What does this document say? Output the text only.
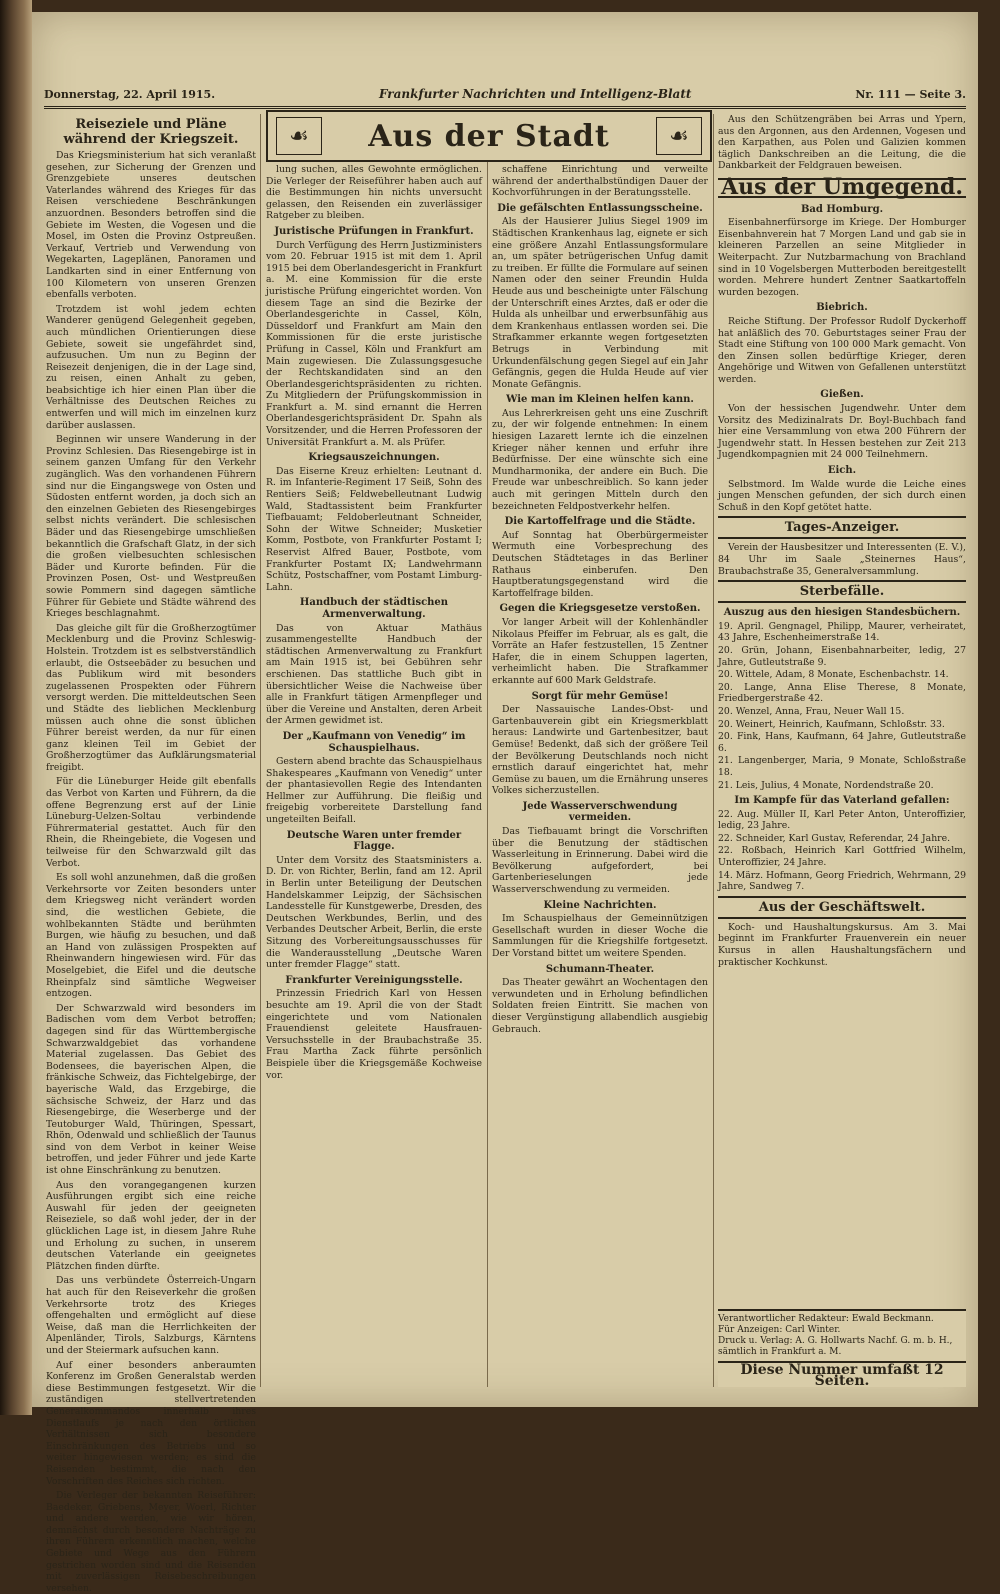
Donnerstag, 22. April 1915.	Frankfurter Nachrichten und Intelligenz-Blatt	Nr. 111 — Seite 3.
☙	Aus der Stadt	☙
Reiseziele und Pläne während der Kriegszeit.

Das Kriegsministerium hat sich veranlaßt gesehen, zur Sicherung der Grenzen und Grenzgebiete unseres deutschen Vaterlandes während des Krieges für das Reisen verschiedene Beschränkungen anzuordnen. Besonders betroffen sind die Gebiete im Westen, die Vogesen und die Mosel, im Osten die Provinz Ostpreußen. Verkauf, Vertrieb und Verwendung von Wegekarten, Lageplänen, Panoramen und Landkarten sind in einer Entfernung von 100 Kilometern von unseren Grenzen ebenfalls verboten.

Trotzdem ist wohl jedem echten Wanderer genügend Gelegenheit gegeben, auch mündlichen Orientierungen diese Gebiete, soweit sie ungefährdet sind, aufzusuchen. Um nun zu Beginn der Reisezeit denjenigen, die in der Lage sind, zu reisen, einen Anhalt zu geben, beabsichtige ich hier einen Plan über die Verhältnisse des Deutschen Reiches zu entwerfen und will mich im einzelnen kurz darüber auslassen.

Beginnen wir unsere Wanderung in der Provinz Schlesien. Das Riesengebirge ist in seinem ganzen Umfang für den Verkehr zugänglich. Was den vorhandenen Führern sind nur die Eingangswege von Osten und Südosten entfernt worden, ja doch sich an den einzelnen Gebieten des Riesengebirges selbst nichts verändert. Die schlesischen Bäder und das Riesengebirge umschließen bekanntlich die Grafschaft Glatz, in der sich die großen vielbesuchten schlesischen Bäder und Kurorte befinden. Für die Provinzen Posen, Ost- und Westpreußen sowie Pommern sind dagegen sämtliche Führer für Gebiete und Städte während des Krieges beschlagnahmt.

Das gleiche gilt für die Großherzogtümer Mecklenburg und die Provinz Schleswig-Holstein. Trotzdem ist es selbstverständlich erlaubt, die Ostseebäder zu besuchen und das Publikum wird mit besonders zugelassenen Prospekten oder Führern versorgt werden. Die mitteldeutschen Seen und Städte des lieblichen Mecklenburg müssen auch ohne die sonst üblichen Führer bereist werden, da nur für einen ganz kleinen Teil im Gebiet der Großherzogtümer das Aufklärungsmaterial freigibt.

Für die Lüneburger Heide gilt ebenfalls das Verbot von Karten und Führern, da die offene Begrenzung erst auf der Linie Lüneburg-Uelzen-Soltau verbindende Führermaterial gestattet. Auch für den Rhein, die Rheingebiete, die Vogesen und teilweise für den Schwarzwald gilt das Verbot.

Es soll wohl anzunehmen, daß die großen Verkehrsorte vor Zeiten besonders unter dem Kriegsweg nicht verändert worden sind, die westlichen Gebiete, die wohlbekannten Städte und berühmten Burgen, wie häufig zu besuchen, und daß an Hand von zulässigen Prospekten auf Rheinwandern hingewiesen wird. Für das Moselgebiet, die Eifel und die deutsche Rheinpfalz sind sämtliche Wegweiser entzogen.

Der Schwarzwald wird besonders im Badischen vom dem Verbot betroffen; dagegen sind für das Württembergische Schwarzwaldgebiet das vorhandene Material zugelassen. Das Gebiet des Bodensees, die bayerischen Alpen, die fränkische Schweiz, das Fichtelgebirge, der bayerische Wald, das Erzgebirge, die sächsische Schweiz, der Harz und das Riesengebirge, die Weserberge und der Teutoburger Wald, Thüringen, Spessart, Rhön, Odenwald und schließlich der Taunus sind von dem Verbot in keiner Weise betroffen, und jeder Führer und jede Karte ist ohne Einschränkung zu benutzen.

Aus den vorangegangenen kurzen Ausführungen ergibt sich eine reiche Auswahl für jeden der geeigneten Reiseziele, so daß wohl jeder, der in der glücklichen Lage ist, in diesem Jahre Ruhe und Erholung zu suchen, in unserem deutschen Vaterlande ein geeignetes Plätzchen finden dürfte.

Das uns verbündete Österreich-Ungarn hat auch für den Reiseverkehr die großen Verkehrsorte trotz des Krieges offengehalten und ermöglicht auf diese Weise, daß man die Herrlichkeiten der Alpenländer, Tirols, Salzburgs, Kärntens und der Steiermark aufsuchen kann.

Auf einer besonders anberaumten Konferenz im Großen Generalstab werden diese Bestimmungen festgesetzt. Wir die zuständigen stellvertretenden Generalkommandos innerhalb ihres Dienstlaufs je nach den örtlichen Verhältnissen sich besondere Einschränkungen des Betriebs und so weiter hingewiesen werden; es sind die Reisenden bestimmt, die nach den Vorschriften des Reiches sich richten.

Die Verleger der bekannten Reiseführer: Baedeker, Griebens, Meyer, Woerl, Richter und andere werden, wie wir hören, demnächst durch besondere Nachträge zu ihren Führern erkenntlich machen, welche Gebiete und Wege aus den Führern gestrichen worden sind und die Reisenden mit zuverlässigen Reisebeschreibungen versehen.

lung suchen, alles Gewohnte ermöglichen. Die Verleger der Reiseführer haben auch auf die Bestimmungen hin nichts unversucht gelassen, den Reisenden ein zuverlässiger Ratgeber zu bleiben.

Juristische Prüfungen in Frankfurt.

Durch Verfügung des Herrn Justizministers vom 20. Februar 1915 ist mit dem 1. April 1915 bei dem Oberlandesgericht in Frankfurt a. M. eine Kommission für die erste juristische Prüfung eingerichtet worden. Von diesem Tage an sind die Bezirke der Oberlandesgerichte in Cassel, Köln, Düsseldorf und Frankfurt am Main den Kommissionen für die erste juristische Prüfung in Cassel, Köln und Frankfurt am Main zugewiesen. Die Zulassungsgesuche der Rechtskandidaten sind an den Oberlandesgerichtspräsidenten zu richten. Zu Mitgliedern der Prüfungskommission in Frankfurt a. M. sind ernannt die Herren Oberlandesgerichtspräsident Dr. Spahn als Vorsitzender, und die Herren Professoren der Universität Frankfurt a. M. als Prüfer.

Kriegsauszeichnungen.

Das Eiserne Kreuz erhielten: Leutnant d. R. im Infanterie-Regiment 17 Seiß, Sohn des Rentiers Seiß; Feldwebelleutnant Ludwig Wald, Stadtassistent beim Frankfurter Tiefbauamt; Feldoberleutnant Schneider, Sohn der Witwe Schneider; Musketier Komm, Postbote, von Frankfurter Postamt I; Reservist Alfred Bauer, Postbote, vom Frankfurter Postamt IX; Landwehrmann Schütz, Postschaffner, vom Postamt Limburg-Lahn.

Handbuch der städtischen Armenverwaltung.

Das von Aktuar Mathäus zusammengestellte Handbuch der städtischen Armenverwaltung zu Frankfurt am Main 1915 ist, bei Gebühren sehr erschienen. Das stattliche Buch gibt in übersichtlicher Weise die Nachweise über alle in Frankfurt tätigen Armenpfleger und über die Vereine und Anstalten, deren Arbeit der Armen gewidmet ist.

Der „Kaufmann von Venedig“ im Schauspielhaus.

Gestern abend brachte das Schauspielhaus Shakespeares „Kaufmann von Venedig“ unter der phantasievollen Regie des Intendanten Hellmer zur Aufführung. Die fleißig und freigebig vorbereitete Darstellung fand ungeteilten Beifall.

Deutsche Waren unter fremder Flagge.

Unter dem Vorsitz des Staatsministers a. D. Dr. von Richter, Berlin, fand am 12. April in Berlin unter Beteiligung der Deutschen Handelskammer Leipzig, der Sächsischen Landesstelle für Kunstgewerbe, Dresden, des Deutschen Werkbundes, Berlin, und des Verbandes Deutscher Arbeit, Berlin, die erste Sitzung des Vorbereitungsausschusses für die Wanderausstellung „Deutsche Waren unter fremder Flagge“ statt.

Frankfurter Vereinigungsstelle.

Prinzessin Friedrich Karl von Hessen besuchte am 19. April die von der Stadt eingerichtete und vom Nationalen Frauendienst geleitete Hausfrauen-Versuchsstelle in der Braubachstraße 35. Frau Martha Zack führte persönlich Beispiele über die Kriegsgemäße Kochweise vor.

schaffene Einrichtung und verweilte während der anderthalbstündigen Dauer der Kochvorführungen in der Beratungsstelle.

Die gefälschten Entlassungsscheine.

Als der Hausierer Julius Siegel 1909 im Städtischen Krankenhaus lag, eignete er sich eine größere Anzahl Entlassungsformulare an, um später betrügerischen Unfug damit zu treiben. Er füllte die Formulare auf seinen Namen oder den seiner Freundin Hulda Heude aus und bescheinigte unter Fälschung der Unterschrift eines Arztes, daß er oder die Hulda als unheilbar und erwerbsunfähig aus dem Krankenhaus entlassen worden sei. Die Strafkammer erkannte wegen fortgesetzten Betrugs in Verbindung mit Urkundenfälschung gegen Siegel auf ein Jahr Gefängnis, gegen die Hulda Heude auf vier Monate Gefängnis.

Wie man im Kleinen helfen kann.

Aus Lehrerkreisen geht uns eine Zuschrift zu, der wir folgende entnehmen: In einem hiesigen Lazarett lernte ich die einzelnen Krieger näher kennen und erfuhr ihre Bedürfnisse. Der eine wünschte sich eine Mundharmonika, der andere ein Buch. Die Freude war unbeschreiblich. So kann jeder auch mit geringen Mitteln durch den bezeichneten Feldpostverkehr helfen.

Die Kartoffelfrage und die Städte.

Auf Sonntag hat Oberbürgermeister Wermuth eine Vorbesprechung des Deutschen Städtetages in das Berliner Rathaus einberufen. Den Hauptberatungsgegenstand wird die Kartoffelfrage bilden.

Gegen die Kriegsgesetze verstoßen.

Vor langer Arbeit will der Kohlenhändler Nikolaus Pfeiffer im Februar, als es galt, die Vorräte an Hafer festzustellen, 15 Zentner Hafer, die in einem Schuppen lagerten, verheimlicht haben. Die Strafkammer erkannte auf 600 Mark Geldstrafe.

Sorgt für mehr Gemüse!

Der Nassauische Landes-Obst- und Gartenbauverein gibt ein Kriegsmerkblatt heraus: Landwirte und Gartenbesitzer, baut Gemüse! Bedenkt, daß sich der größere Teil der Bevölkerung Deutschlands noch nicht ernstlich darauf eingerichtet hat, mehr Gemüse zu bauen, um die Ernährung unseres Volkes sicherzustellen.

Jede Wasserverschwendung vermeiden.

Das Tiefbauamt bringt die Vorschriften über die Benutzung der städtischen Wasserleitung in Erinnerung. Dabei wird die Bevölkerung aufgefordert, bei Gartenberieselungen jede Wasserverschwendung zu vermeiden.

Kleine Nachrichten.

Im Schauspielhaus der Gemeinnützigen Gesellschaft wurden in dieser Woche die Sammlungen für die Kriegshilfe fortgesetzt. Der Vorstand bittet um weitere Spenden.

Schumann-Theater.

Das Theater gewährt an Wochentagen den verwundeten und in Erholung befindlichen Soldaten freien Eintritt. Sie machen von dieser Vergünstigung allabendlich ausgiebig Gebrauch.

Aus den Schützengräben bei Arras und Ypern, aus den Argonnen, aus den Ardennen, Vogesen und den Karpathen, aus Polen und Galizien kommen täglich Dankschreiben an die Leitung, die die Dankbarkeit der Feldgrauen beweisen.

Aus der Umgegend.
Bad Homburg.

Eisenbahnerfürsorge im Kriege. Der Homburger Eisenbahnverein hat 7 Morgen Land und gab sie in kleineren Parzellen an seine Mitglieder in Weiterpacht. Zur Nutzbarmachung von Brachland sind in 10 Vogelsbergen Mutterboden bereitgestellt worden. Mehrere hundert Zentner Saatkartoffeln wurden bezogen.

Biebrich.

Reiche Stiftung. Der Professor Rudolf Dyckerhoff hat anläßlich des 70. Geburtstages seiner Frau der Stadt eine Stiftung von 100 000 Mark gemacht. Von den Zinsen sollen bedürftige Krieger, deren Angehörige und Witwen von Gefallenen unterstützt werden.

Gießen.

Von der hessischen Jugendwehr. Unter dem Vorsitz des Medizinalrats Dr. Boyl-Buchbach fand hier eine Versammlung von etwa 200 Führern der Jugendwehr statt. In Hessen bestehen zur Zeit 213 Jugendkompagnien mit 24 000 Teilnehmern.

Eich.

Selbstmord. Im Walde wurde die Leiche eines jungen Menschen gefunden, der sich durch einen Schuß in den Kopf getötet hatte.

Tages-Anzeiger.

Verein der Hausbesitzer und Interessenten (E. V.), 84 Uhr im Saale „Steinernes Haus“, Braubachstraße 35, Generalversammlung.

Sterbefälle.
Auszug aus den hiesigen Standesbüchern.
19. April. Gengnagel, Philipp, Maurer, verheiratet, 43 Jahre, Eschenheimerstraße 14.
20. Grün, Johann, Eisenbahnarbeiter, ledig, 27 Jahre, Gutleutstraße 9.
20. Wittele, Adam, 8 Monate, Eschenbachstr. 14.
20. Lange, Anna Elise Therese, 8 Monate, Friedbergerstraße 42.
20. Wenzel, Anna, Frau, Neuer Wall 15.
20. Weinert, Heinrich, Kaufmann, Schloßstr. 33.
20. Fink, Hans, Kaufmann, 64 Jahre, Gutleutstraße 6.
21. Langenberger, Maria, 9 Monate, Schloßstraße 18.
21. Leis, Julius, 4 Monate, Nordendstraße 20.
Im Kampfe für das Vaterland gefallen:
22. Aug. Müller II, Karl Peter Anton, Unteroffizier, ledig, 23 Jahre.
22. Schneider, Karl Gustav, Referendar, 24 Jahre.
22. Roßbach, Heinrich Karl Gottfried Wilhelm, Unteroffizier, 24 Jahre.
14. März. Hofmann, Georg Friedrich, Wehrmann, 29 Jahre, Sandweg 7.
Aus der Geschäftswelt.

Koch- und Haushaltungskursus. Am 3. Mai beginnt im Frankfurter Frauenverein ein neuer Kursus in allen Haushaltungsfächern und praktischer Kochkunst.

Verantwortlicher Redakteur: Ewald Beckmann.
Für Anzeigen: Carl Winter.
Druck u. Verlag: A. G. Hollwarts Nachf. G. m. b. H., sämtlich in Frankfurt a. M.
Diese Nummer umfaßt 12 Seiten.
